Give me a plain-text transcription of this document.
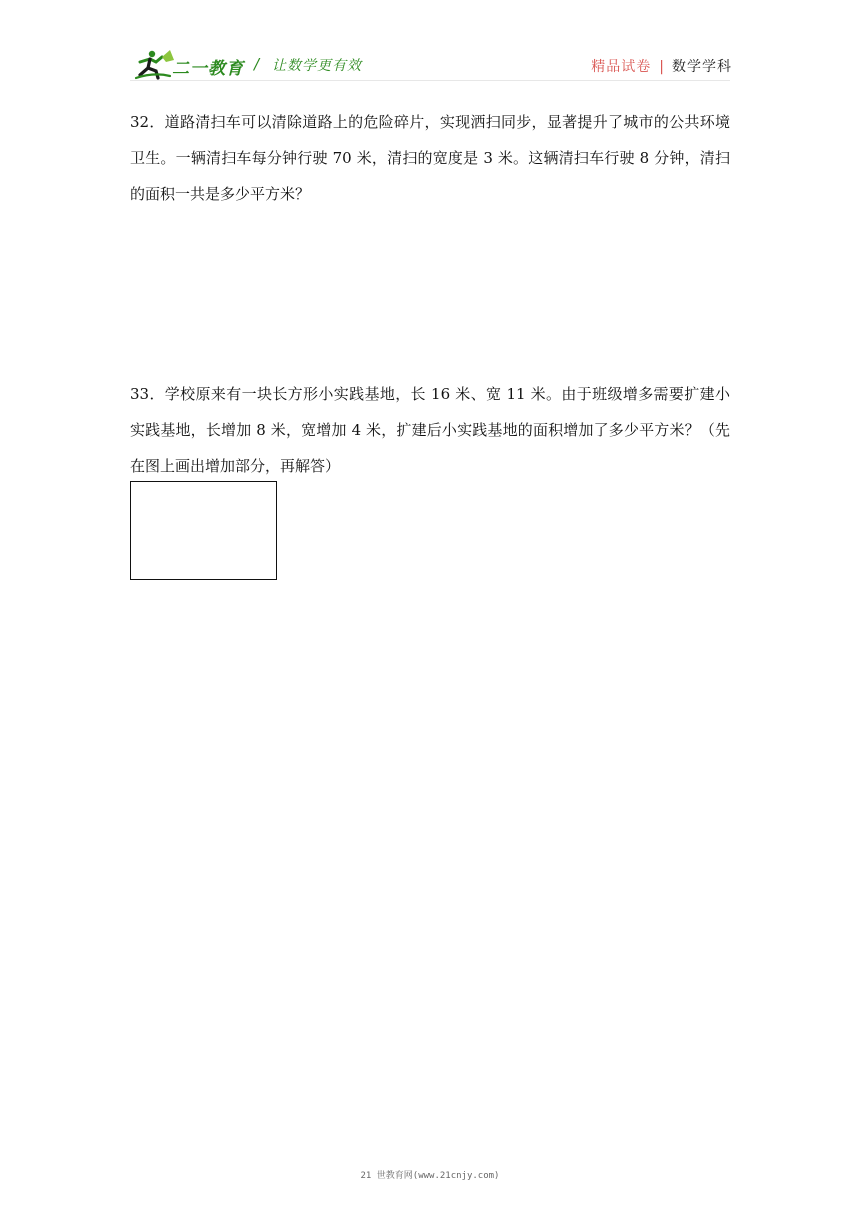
二一教育 / 让数学更有效	精品试卷 | 数学学科

32．道路清扫车可以清除道路上的危险碎片，实现洒扫同步，显著提升了城市的公共环境卫生。一辆清扫车每分钟行驶 70 米，清扫的宽度是 3 米。这辆清扫车行驶 8 分钟，清扫的面积一共是多少平方米？

33．学校原来有一块长方形小实践基地，长 16 米、宽 11 米。由于班级增多需要扩建小实践基地，长增加 8 米，宽增加 4 米，扩建后小实践基地的面积增加了多少平方米？（先在图上画出增加部分，再解答）

21 世教育网(www.21cnjy.com)
